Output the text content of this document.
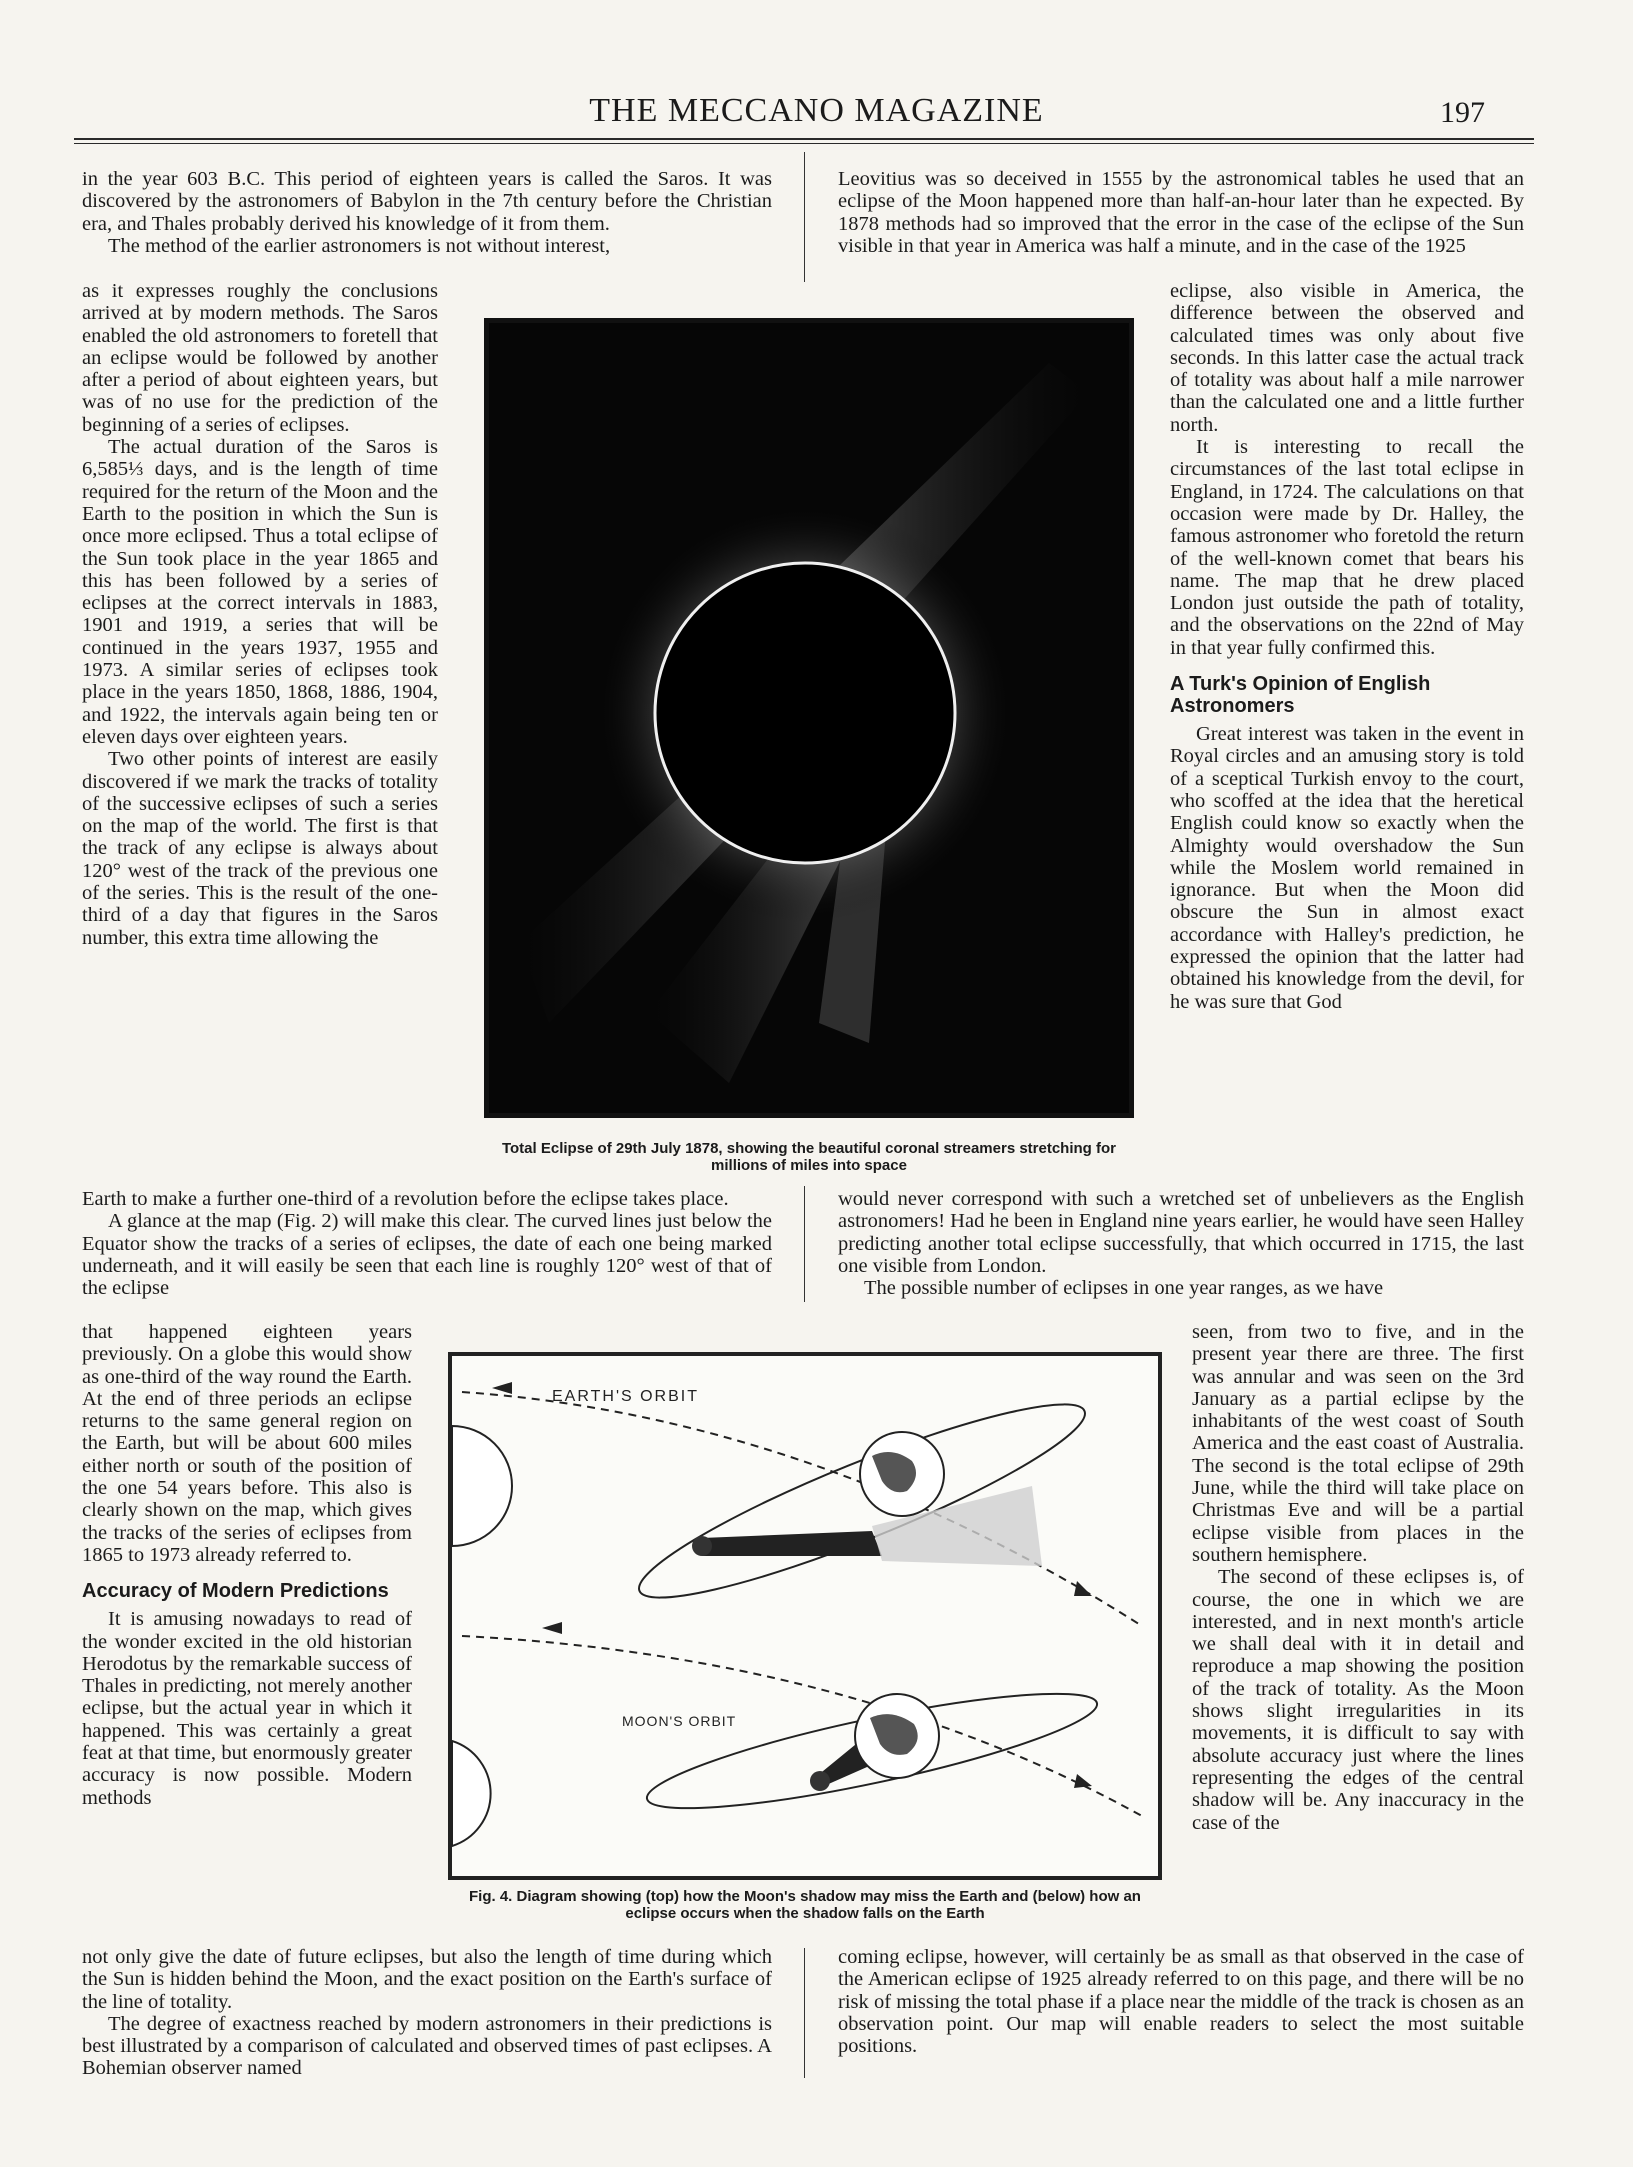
THE MECCANO MAGAZINE	197

in the year 603 B.C. This period of eighteen years is called the Saros. It was discovered by the astronomers of Babylon in the 7th century before the Christian era, and Thales probably derived his knowledge of it from them.

The method of the earlier astronomers is not without interest,

as it expresses roughly the conclusions arrived at by modern methods. The Saros enabled the old astronomers to foretell that an eclipse would be followed by another after a period of about eighteen years, but was of no use for the prediction of the beginning of a series of eclipses.

The actual duration of the Saros is 6,585⅓ days, and is the length of time required for the return of the Moon and the Earth to the position in which the Sun is once more eclipsed. Thus a total eclipse of the Sun took place in the year 1865 and this has been followed by a series of eclipses at the correct intervals in 1883, 1901 and 1919, a series that will be continued in the years 1937, 1955 and 1973. A similar series of eclipses took place in the years 1850, 1868, 1886, 1904, and 1922, the intervals again being ten or eleven days over eighteen years.

Two other points of interest are easily discovered if we mark the tracks of totality of the successive eclipses of such a series on the map of the world. The first is that the track of any eclipse is always about 120° west of the track of the previous one of the series. This is the result of the one-third of a day that figures in the Saros number, this extra time allowing the

Earth to make a further one-third of a revolution before the eclipse takes place.

A glance at the map (Fig. 2) will make this clear. The curved lines just below the Equator show the tracks of a series of eclipses, the date of each one being marked underneath, and it will easily be seen that each line is roughly 120° west of that of the eclipse

that happened eighteen years previously. On a globe this would show as one-third of the way round the Earth. At the end of three periods an eclipse returns to the same general region on the Earth, but will be about 600 miles either north or south of the position of the one 54 years before. This also is clearly shown on the map, which gives the tracks of the series of eclipses from 1865 to 1973 already referred to.

Accuracy of Modern Predictions

It is amusing nowadays to read of the wonder excited in the old historian Herodotus by the remarkable success of Thales in predicting, not merely another eclipse, but the actual year in which it happened. This was certainly a great feat at that time, but enormously greater accuracy is now possible. Modern methods

not only give the date of future eclipses, but also the length of time during which the Sun is hidden behind the Moon, and the exact position on the Earth's surface of the line of totality.

The degree of exactness reached by modern astronomers in their predictions is best illustrated by a comparison of calculated and observed times of past eclipses. A Bohemian observer named

Leovitius was so deceived in 1555 by the astronomical tables he used that an eclipse of the Moon happened more than half-an-hour later than he expected. By 1878 methods had so improved that the error in the case of the eclipse of the Sun visible in that year in America was half a minute, and in the case of the 1925

eclipse, also visible in America, the difference between the observed and calculated times was only about five seconds. In this latter case the actual track of totality was about half a mile narrower than the calculated one and a little further north.

It is interesting to recall the circumstances of the last total eclipse in England, in 1724. The calculations on that occasion were made by Dr. Halley, the famous astronomer who foretold the return of the well-known comet that bears his name. The map that he drew placed London just outside the path of totality, and the observations on the 22nd of May in that year fully confirmed this.

A Turk's Opinion of English Astronomers

Great interest was taken in the event in Royal circles and an amusing story is told of a sceptical Turkish envoy to the court, who scoffed at the idea that the heretical English could know so exactly when the Almighty would overshadow the Sun while the Moslem world remained in ignorance. But when the Moon did obscure the Sun in almost exact accordance with Halley's prediction, he expressed the opinion that the latter had obtained his knowledge from the devil, for he was sure that God

would never correspond with such a wretched set of unbelievers as the English astronomers! Had he been in England nine years earlier, he would have seen Halley predicting another total eclipse successfully, that which occurred in 1715, the last one visible from London.

The possible number of eclipses in one year ranges, as we have

seen, from two to five, and in the present year there are three. The first was annular and was seen on the 3rd January as a partial eclipse by the inhabitants of the west coast of South America and the east coast of Australia. The second is the total eclipse of 29th June, while the third will take place on Christmas Eve and will be a partial eclipse visible from places in the southern hemisphere.

The second of these eclipses is, of course, the one in which we are interested, and in next month's article we shall deal with it in detail and reproduce a map showing the position of the track of totality. As the Moon shows slight irregularities in its movements, it is difficult to say with absolute accuracy just where the lines representing the edges of the central shadow will be. Any inaccuracy in the case of the

coming eclipse, however, will certainly be as small as that observed in the case of the American eclipse of 1925 already referred to on this page, and there will be no risk of missing the total phase if a place near the middle of the track is chosen as an observation point. Our map will enable readers to select the most suitable positions.

Total Eclipse of 29th July 1878, showing the beautiful coronal streamers stretching for millions of miles into space
EARTH'S ORBIT
MOON'S ORBIT
Fig. 4. Diagram showing (top) how the Moon's shadow may miss the Earth and (below) how an eclipse occurs when the shadow falls on the Earth
